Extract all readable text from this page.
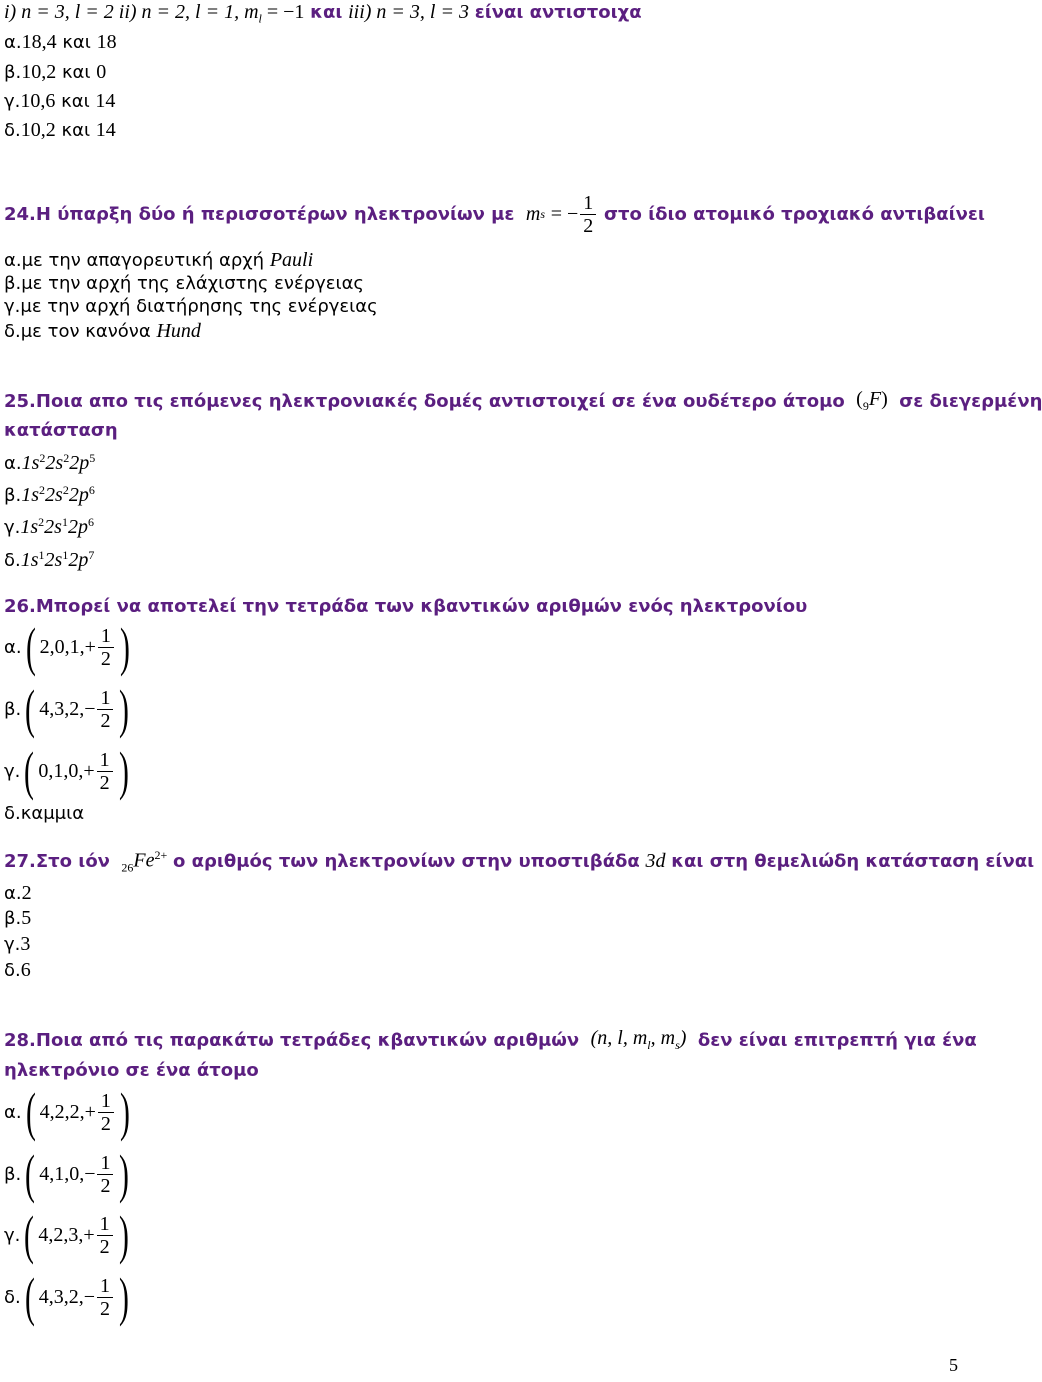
i) n = 3, l = 2 ii) n = 2, l = 1, $m_l = -1$ και iii) n = 3, l = 3 είναι αντιστοιχα
α.18,4 και 18
β.10,2 και 0
γ.10,6 και 14
δ.10,2 και 14
24.Η ύπαρξη δύο ή περισσοτέρων ηλεκτρονίων με
m s
= − $\frac{1}{2}$
στο ίδιο ατομικό τροχιακό αντιβαίνει
α.με την απαγορευτική αρχή Pauli
β.με την αρχή της ελάχιστης ενέργειας
γ.με την αρχή διατήρησης της ενέργειας
δ.με τον κανόνα Hund
25.Ποια απο τις επόμενες ηλεκτρονιακές δομές αντιστοιχεί σε ένα ουδέτερο άτομο
$(_9F)$
σε διεγερμένη
κατάσταση
$\alpha.1s^22s^22p^5$
$\beta.1s^22s^22p^6$
$\gamma.1s^22s^12p^6$
$\delta.1s^12s^12p^7$
26.Μπορεί να αποτελεί την τετράδα των κβαντικών αριθμών ενός ηλεκτρονίου
α. ( $2,0,1,+ \frac{1}{2}$ )
β. ( $4,3,2,- \frac{1}{2}$ )
γ. ( $0,1,0,+ \frac{1}{2}$ )
δ.καμμια
27.Στο ιόν
$_{26}Fe^{2+}$
ο αριθμός των ηλεκτρονίων στην υποστιβάδα
3d
και στη θεμελιώδη κατάσταση είναι
α.2
β.5
γ.3
δ.6
28.Ποια από τις παρακάτω τετράδες κβαντικών αριθμών
(n, l, $m_l$, $m_s$)
δεν είναι επιτρεπτή για ένα
ηλεκτρόνιο σε ένα άτομο
α. ( $4,2,2,+ \frac{1}{2}$ )
β. ( $4,1,0,- \frac{1}{2}$ )
γ. ( $4,2,3,+ \frac{1}{2}$ )
δ. ( $4,3,2,- \frac{1}{2}$ )
5
